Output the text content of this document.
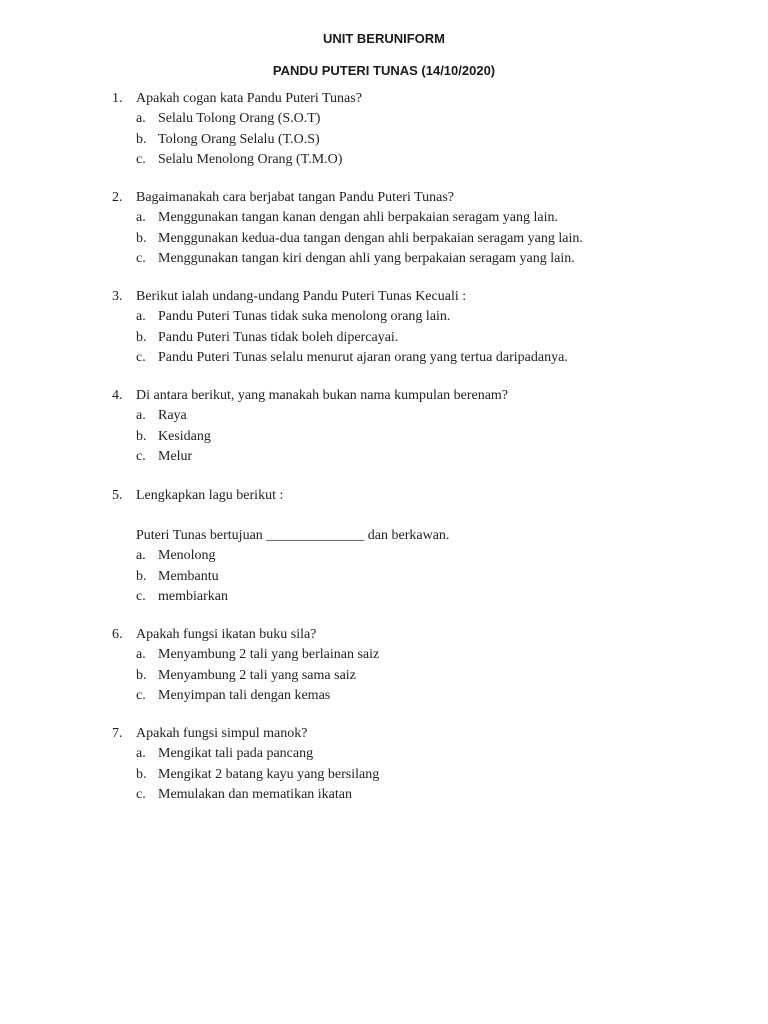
UNIT BERUNIFORM
PANDU PUTERI TUNAS (14/10/2020)
1. Apakah cogan kata Pandu Puteri Tunas?
a. Selalu Tolong Orang (S.O.T)
b. Tolong Orang Selalu (T.O.S)
c. Selalu Menolong Orang (T.M.O)
2. Bagaimanakah cara berjabat tangan Pandu Puteri Tunas?
a. Menggunakan tangan kanan dengan ahli berpakaian seragam yang lain.
b. Menggunakan kedua-dua tangan dengan ahli berpakaian seragam yang lain.
c. Menggunakan tangan kiri dengan ahli yang berpakaian seragam yang lain.
3. Berikut ialah undang-undang Pandu Puteri Tunas Kecuali :
a. Pandu Puteri Tunas tidak suka menolong orang lain.
b. Pandu Puteri Tunas tidak boleh dipercayai.
c. Pandu Puteri Tunas selalu menurut ajaran orang yang tertua daripadanya.
4. Di antara berikut, yang manakah bukan nama kumpulan berenam?
a. Raya
b. Kesidang
c. Melur
5. Lengkapkan lagu berikut :
Puteri Tunas bertujuan ______________ dan berkawan.
a. Menolong
b. Membantu
c. membiarkan
6. Apakah fungsi ikatan buku sila?
a. Menyambung 2 tali yang berlainan saiz
b. Menyambung 2 tali yang sama saiz
c. Menyimpan tali dengan kemas
7. Apakah fungsi simpul manok?
a. Mengikat tali pada pancang
b. Mengikat 2 batang kayu yang bersilang
c. Memulakan dan mematikan ikatan
